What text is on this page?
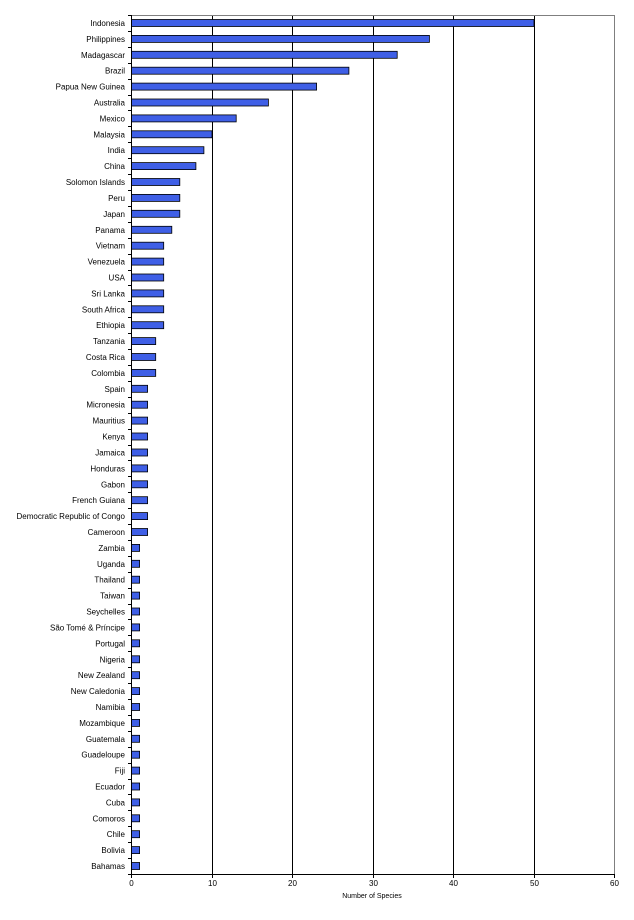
Indonesia
Philippines
Madagascar
Brazil
Papua New Guinea
Australia
Mexico
Malaysia
India
China
Solomon Islands
Peru
Japan
Panama
Vietnam
Venezuela
USA
Sri Lanka
South Africa
Ethiopia
Tanzania
Costa Rica
Colombia
Spain
Micronesia
Mauritius
Kenya
Jamaica
Honduras
Gabon
French Guiana
Democratic Republic of Congo
Cameroon
Zambia
Uganda
Thailand
Taiwan
Seychelles
São Tomé & Príncipe
Portugal
Nigeria
New Zealand
New Caledonia
Namibia
Mozambique
Guatemala
Guadeloupe
Fiji
Ecuador
Cuba
Comoros
Chile
Bolivia
Bahamas
0	10	20	30	40	50	60
Number of Species
